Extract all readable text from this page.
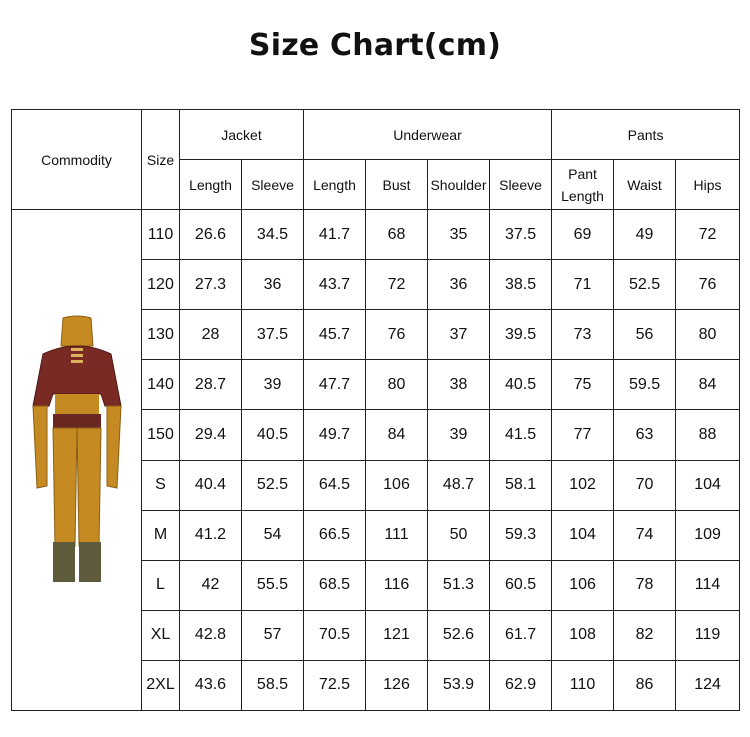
Size Chart(cm)
Commodity	Size	Jacket		Underwear				Pants		
		Length	Sleeve	Length	Bust	Shoulder	Sleeve	Pant Length	Waist	Hips

	110	26.6	34.5	41.7	68	35	37.5	69	49	72
	120	27.3	36	43.7	72	36	38.5	71	52.5	76
	130	28	37.5	45.7	76	37	39.5	73	56	80
	140	28.7	39	47.7	80	38	40.5	75	59.5	84
	150	29.4	40.5	49.7	84	39	41.5	77	63	88
	S	40.4	52.5	64.5	106	48.7	58.1	102	70	104
	M	41.2	54	66.5	111	50	59.3	104	74	109
	L	42	55.5	68.5	116	51.3	60.5	106	78	114
	XL	42.8	57	70.5	121	52.6	61.7	108	82	119
	2XL	43.6	58.5	72.5	126	53.9	62.9	110	86	124
